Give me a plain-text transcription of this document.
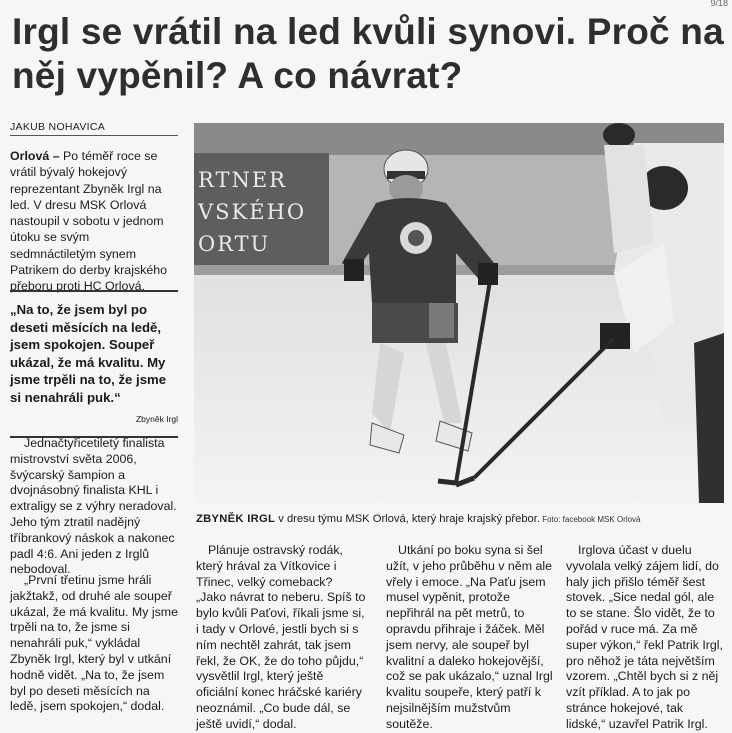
9/18
Irgl se vrátil na led kvůli synovi. Proč na něj vypěnil? A co návrat?
JAKUB NOHAVICA

Orlová – Po téměř roce se vrátil bývalý hokejový reprezentant Zbyněk Irgl na led. V dresu MSK Orlová nastoupil v sobotu v jednom útoku se svým sedmnáctiletým synem Patrikem do derby krajského přeboru proti HC Orlová.

„Na to, že jsem byl po deseti měsících na ledě, jsem spokojen. Soupeř ukázal, že má kvalitu. My jsme trpěli na to, že jsme si nenahráli puk.“

Zbyněk Irgl

Jednačtyřicetiletý finalista mistrovství světa 2006, švýcarský šampion a dvojnásobný finalista KHL i extraligy se z výhry neradoval. Jeho tým ztratil nadějný tříbrankový náskok a nakonec padl 4:6. Ani jeden z Irglů nebodoval.

„První třetinu jsme hráli jakžtakž, od druhé ale soupeř ukázal, že má kvalitu. My jsme trpěli na to, že jsme si nenahráli puk,“ vykládal Zbyněk Irgl, který byl v utkání hodně vidět. „Na to, že jsem byl po deseti měsících na ledě, jsem spokojen,“ dodal.

RTNER
VSKÉHO
ORTU
ZBYNĚK IRGL v dresu týmu MSK Orlová, který hraje krajský přebor. Foto: facebook MSK Orlová

Plánuje ostravský rodák, který hrával za Vítkovice i Třinec, velký comeback? „Jako návrat to neberu. Spíš to bylo kvůli Paťovi, říkali jsme si, i tady v Orlové, jestli bych si s ním nechtěl zahrát, tak jsem řekl, že OK, že do toho půjdu,“ vysvětlil Irgl, který ještě oficiální konec hráčské kariéry neoznámil. „Co bude dál, se ještě uvidí,“ dodal.

Utkání po boku syna si šel užít, v jeho průběhu v něm ale vřely i emoce. „Na Paťu jsem musel vypěnit, protože nepřihrál na pět metrů, to opravdu přihraje i žáček. Měl jsem nervy, ale soupeř byl kvalitní a daleko hokejovější, což se pak ukázalo,“ uznal Irgl kvalitu soupeře, který patří k nejsilnějším mužstvům soutěže.

Irglova účast v duelu vyvolala velký zájem lidí, do haly jich přišlo téměř šest stovek. „Sice nedal gól, ale to se stane. Šlo vidět, že to pořád v ruce má. Za mě super výkon,“ řekl Patrik Irgl, pro něhož je táta největším vzorem. „Chtěl bych si z něj vzít příklad. A to jak po stránce hokejové, tak lidské,“ uzavřel Patrik Irgl.
